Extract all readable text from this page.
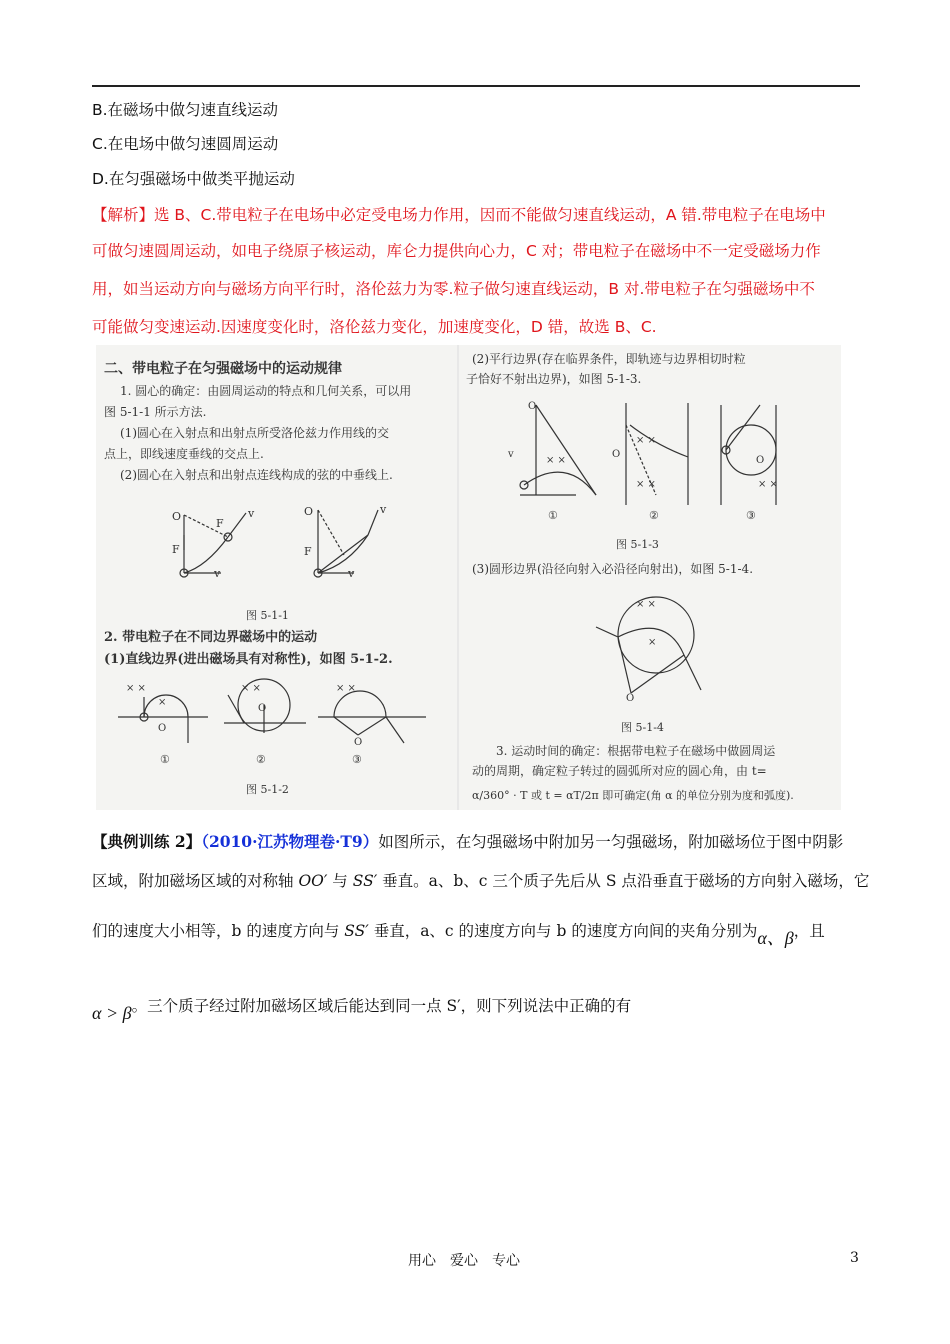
B.在磁场中做匀速直线运动
C.在电场中做匀速圆周运动
D.在匀强磁场中做类平抛运动
【解析】选 B、C.带电粒子在电场中必定受电场力作用，因而不能做匀速直线运动，A 错.带电粒子在电场中
可做匀速圆周运动，如电子绕原子核运动，库仑力提供向心力，C 对；带电粒子在磁场中不一定受磁场力作
用，如当运动方向与磁场方向平行时，洛伦兹力为零.粒子做匀速直线运动，B 对.带电粒子在匀强磁场中不
可能做匀变速运动.因速度变化时，洛伦兹力变化，加速度变化，D 错，故选 B、C.
二、带电粒子在匀强磁场中的运动规律
1. 圆心的确定：由圆周运动的特点和几何关系，可以用
图 5-1-1 所示方法.
(1)圆心在入射点和出射点所受洛伦兹力作用线的交
点上，即线速度垂线的交点上.
(2)圆心在入射点和出射点连线构成的弦的中垂线上.
O
F
v
F
v
O
F
v
v
图 5-1-1
2. 带电粒子在不同边界磁场中的运动
(1)直线边界(进出磁场具有对称性)，如图 5-1-2.
× ×
×
× ×	× ×
O
O
O
①	②	③
图 5-1-2
(2)平行边界(存在临界条件，即轨迹与边界相切时粒
子恰好不射出边界)，如图 5-1-3.
O
v
× ×
× ×
× ×
O
O
× ×
①	②	③
图 5-1-3
(3)圆形边界(沿径向射入必沿径向射出)，如图 5-1-4.
× ×
×
O
图 5-1-4
3. 运动时间的确定：根据带电粒子在磁场中做圆周运
动的周期，确定粒子转过的圆弧所对应的圆心角，由 t=
α/360° · T 或 t = αT/2π 即可确定(角 α 的单位分别为度和弧度).
【典例训练 2】（2010·江苏物理卷·T9）如图所示，在匀强磁场中附加另一匀强磁场，附加磁场位于图中阴影
区域，附加磁场区域的对称轴 OO′ 与 SS′ 垂直。a、b、c 三个质子先后从 S 点沿垂直于磁场的方向射入磁场，它
们的速度大小相等，b 的速度方向与 SS′ 垂直，a、c 的速度方向与 b 的速度方向间的夹角分别为α、β，且
α > β。三个质子经过附加磁场区域后能达到同一点 S′，则下列说法中正确的有
用心　爱心　专心	3
